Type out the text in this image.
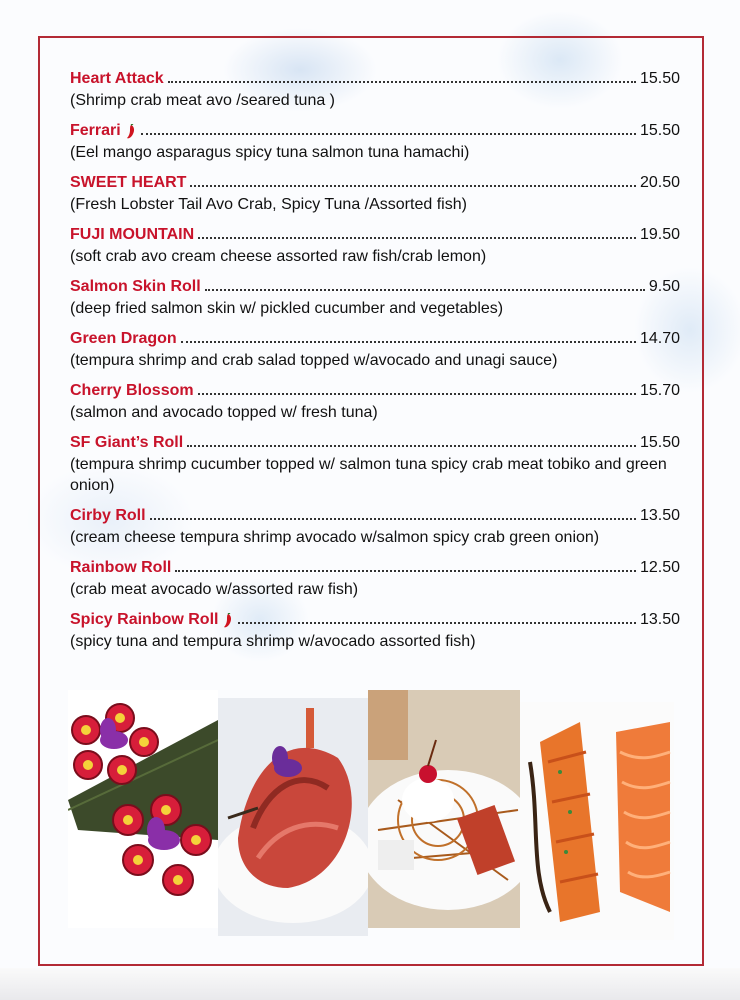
Heart Attack	15.50
(Shrimp crab meat avo /seared tuna )
Ferrari	15.50
(Eel mango asparagus spicy tuna salmon tuna hamachi)
SWEET HEART	20.50
(Fresh Lobster Tail Avo Crab, Spicy Tuna /Assorted fish)
FUJI MOUNTAIN	19.50
(soft crab avo cream cheese assorted raw fish/crab lemon)
Salmon Skin Roll	9.50
(deep fried salmon skin w/ pickled cucumber and vegetables)
Green Dragon	14.70
(tempura shrimp and crab salad topped w/avocado and unagi sauce)
Cherry Blossom	15.70
(salmon and avocado topped w/ fresh tuna)
SF Giant’s Roll	15.50
(tempura shrimp cucumber topped w/ salmon tuna spicy crab meat tobiko and green onion)
Cirby Roll	13.50
(cream cheese tempura shrimp avocado w/salmon spicy crab green onion)
Rainbow Roll	12.50
(crab meat avocado w/assorted raw fish)
Spicy Rainbow Roll	13.50
(spicy tuna and tempura shrimp w/avocado assorted fish)
